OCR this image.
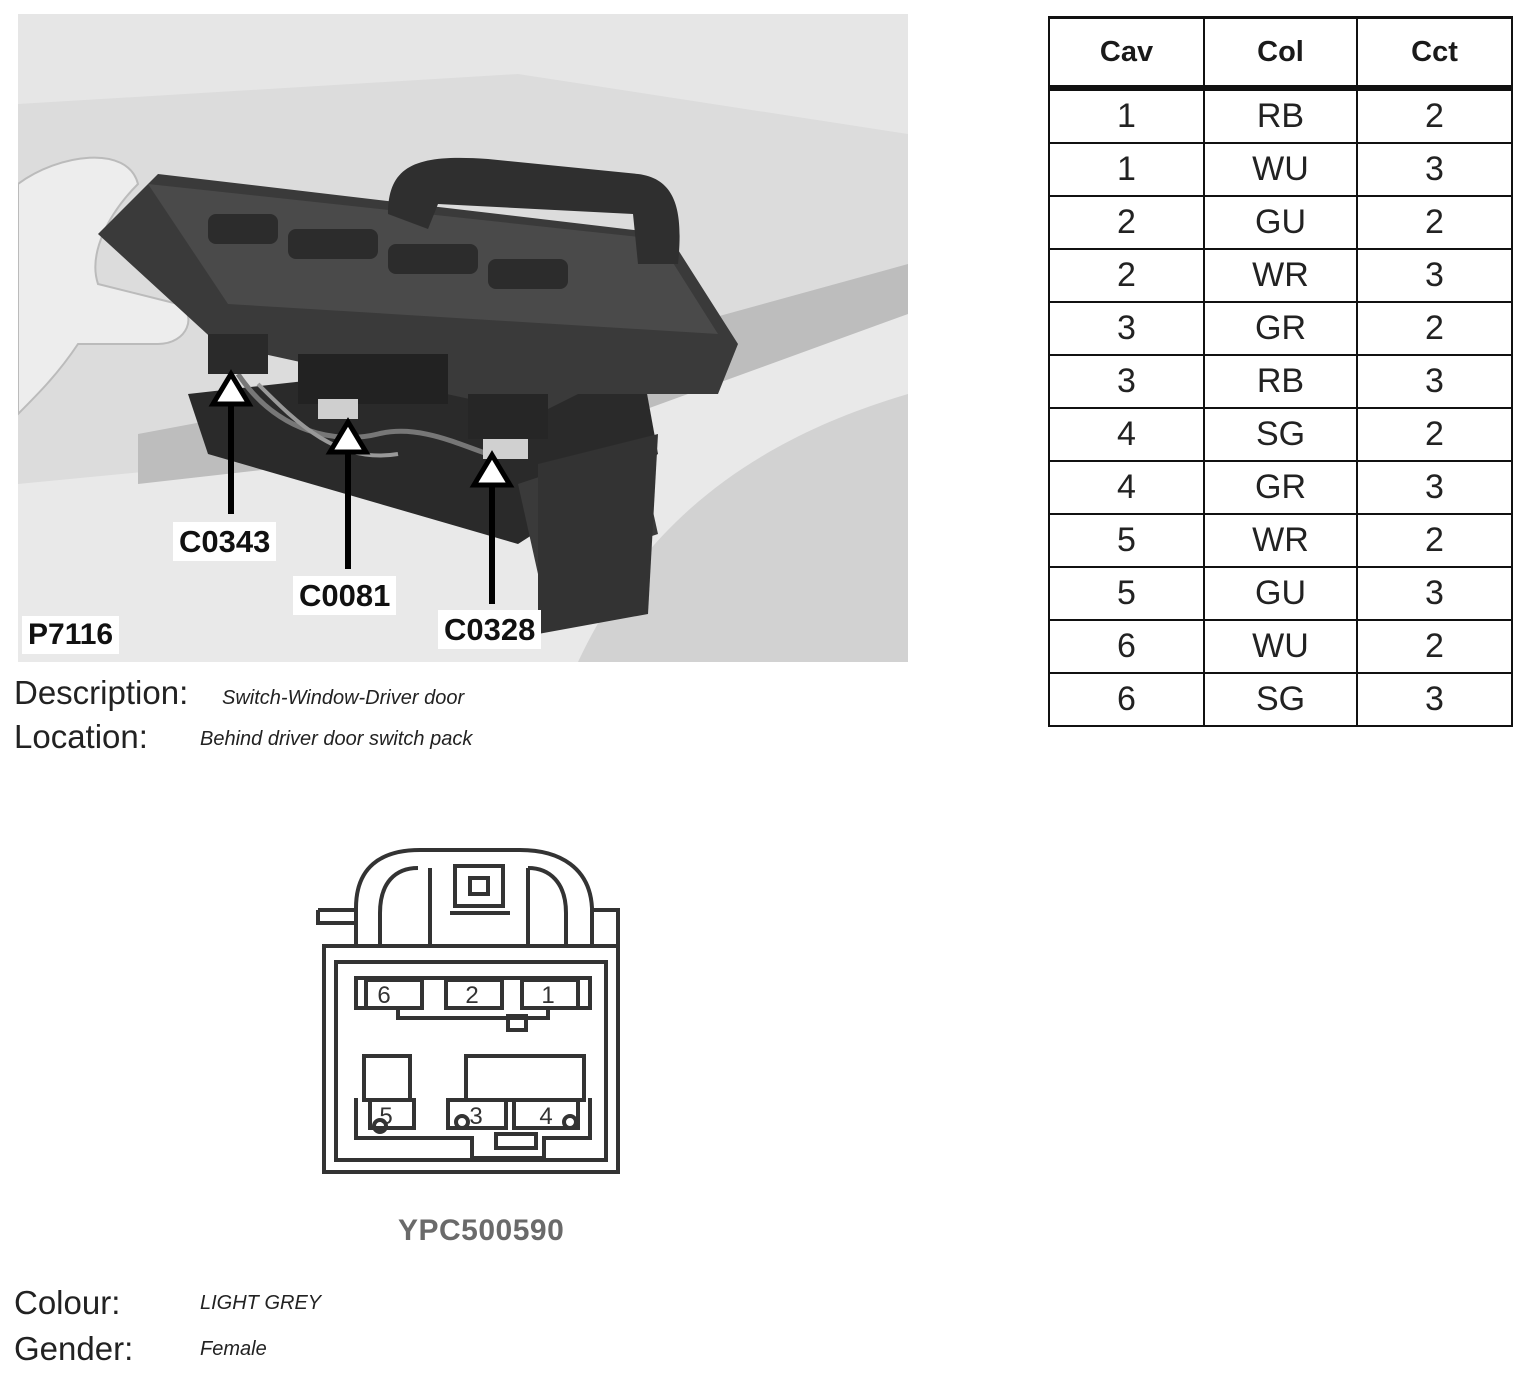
C0343
C0081
C0328
P7116
Description: Switch-Window-Driver door
Location:	Behind driver door switch pack
Cav	Col	Cct
1	RB	2
1	WU	3
2	GU	2
2	WR	3
3	GR	2
3	RB	3
4	SG	2
4	GR	3
5	WR	2
5	GU	3
6	WU	2
6	SG	3
6	2	1
5	3 4
YPC500590
Colour:	LIGHT GREY
Gender:	Female
